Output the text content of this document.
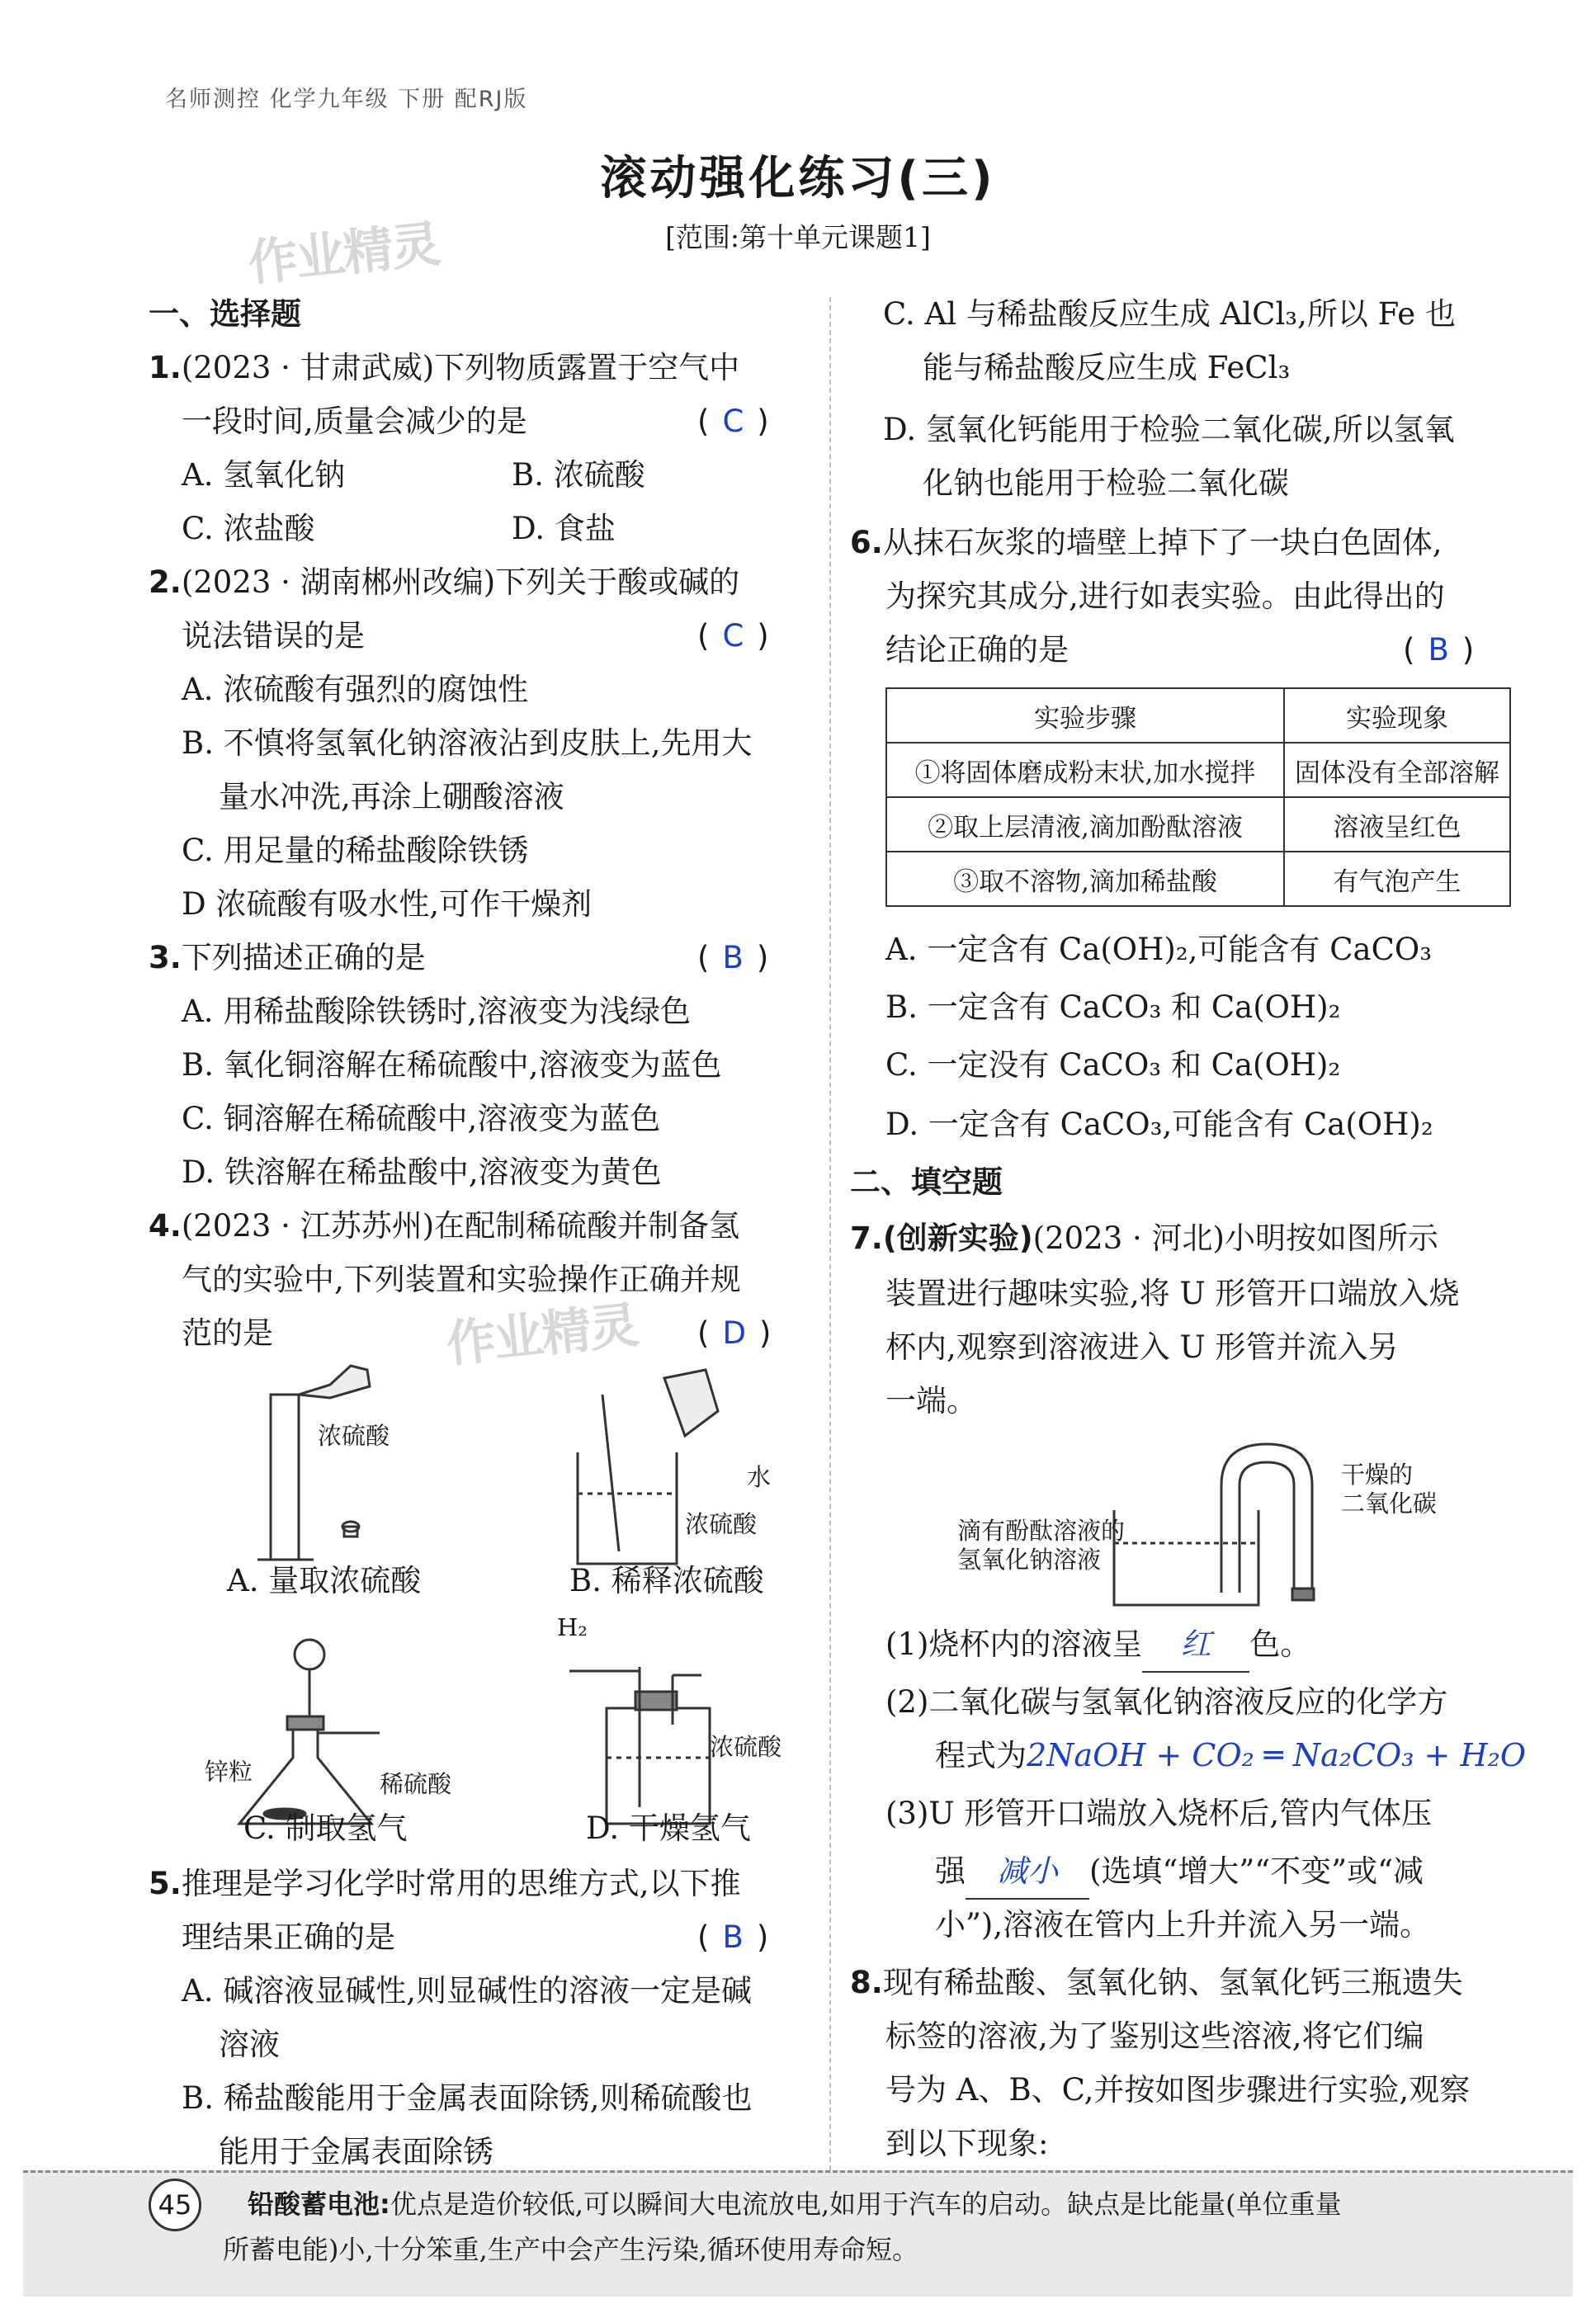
名师测控 化学九年级 下册 配RJ版
滚动强化练习(三)
[范围:第十单元课题1]
作业精灵
作业精灵
一、选择题
1.(2023 · 甘肃武威)下列物质露置于空气中
一段时间,质量会减少的是	( C )
A. 氢氧化钠	B. 浓硫酸
C. 浓盐酸	D. 食盐
2.(2023 · 湖南郴州改编)下列关于酸或碱的
说法错误的是	( C )
A. 浓硫酸有强烈的腐蚀性
B. 不慎将氢氧化钠溶液沾到皮肤上,先用大
量水冲洗,再涂上硼酸溶液
C. 用足量的稀盐酸除铁锈
D 浓硫酸有吸水性,可作干燥剂
3.下列描述正确的是	( B )
A. 用稀盐酸除铁锈时,溶液变为浅绿色
B. 氧化铜溶解在稀硫酸中,溶液变为蓝色
C. 铜溶解在稀硫酸中,溶液变为蓝色
D. 铁溶解在稀盐酸中,溶液变为黄色
4.(2023 · 江苏苏州)在配制稀硫酸并制备氢
气的实验中,下列装置和实验操作正确并规
范的是	( D )
浓硫酸
水
浓硫酸
A. 量取浓硫酸	B. 稀释浓硫酸
H₂
锌粒	稀硫酸
浓硫酸
C. 制取氢气	D. 干燥氢气
5.推理是学习化学时常用的思维方式,以下推
理结果正确的是	( B )
A. 碱溶液显碱性,则显碱性的溶液一定是碱
溶液
B. 稀盐酸能用于金属表面除锈,则稀硫酸也
能用于金属表面除锈
C. Al 与稀盐酸反应生成 AlCl₃,所以 Fe 也
能与稀盐酸反应生成 FeCl₃
D. 氢氧化钙能用于检验二氧化碳,所以氢氧
化钠也能用于检验二氧化碳
6.从抹石灰浆的墙壁上掉下了一块白色固体,
为探究其成分,进行如表实验。由此得出的
结论正确的是	( B )
实验步骤	实验现象
①将固体磨成粉末状,加水搅拌	固体没有全部溶解
②取上层清液,滴加酚酞溶液	溶液呈红色
③取不溶物,滴加稀盐酸	有气泡产生
A. 一定含有 Ca(OH)₂,可能含有 CaCO₃
B. 一定含有 CaCO₃ 和 Ca(OH)₂
C. 一定没有 CaCO₃ 和 Ca(OH)₂
D. 一定含有 CaCO₃,可能含有 Ca(OH)₂
二、填空题
7.(创新实验)(2023 · 河北)小明按如图所示
装置进行趣味实验,将 U 形管开口端放入烧
杯内,观察到溶液进入 U 形管并流入另
一端。
干燥的
二氧化碳
滴有酚酞溶液的
氢氧化钠溶液
(1)烧杯内的溶液呈 红 色。
(2)二氧化碳与氢氧化钠溶液反应的化学方
程式为2NaOH + CO₂ ═ Na₂CO₃ + H₂O
(3)U 形管开口端放入烧杯后,管内气体压
强 减小 (选填“增大”“不变”或“减
小”),溶液在管内上升并流入另一端。
8.现有稀盐酸、氢氧化钠、氢氧化钙三瓶遗失
标签的溶液,为了鉴别这些溶液,将它们编
号为 A、B、C,并按如图步骤进行实验,观察
到以下现象:
45	铅酸蓄电池:优点是造价较低,可以瞬间大电流放电,如用于汽车的启动。缺点是比能量(单位重量
所蓄电能)小,十分笨重,生产中会产生污染,循环使用寿命短。
